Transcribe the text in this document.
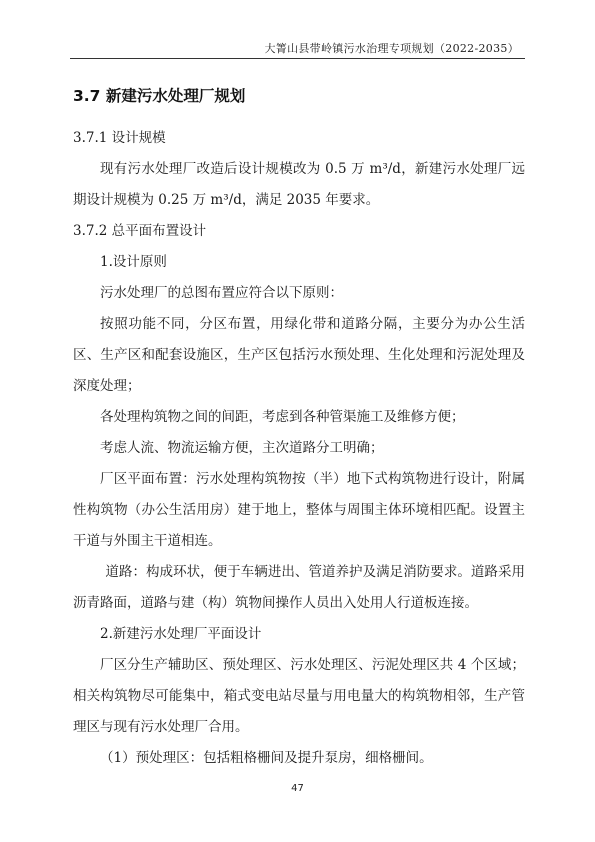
大箐山县带岭镇污水治理专项规划（2022-2035）
3.7 新建污水处理厂规划
3.7.1 设计规模

现有污水处理厂改造后设计规模改为 0.5 万 m³/d，新建污水处理厂远期设计规模为 0.25 万 m³/d，满足 2035 年要求。

3.7.2 总平面布置设计
1.设计原则

污水处理厂的总图布置应符合以下原则：

按照功能不同，分区布置，用绿化带和道路分隔，主要分为办公生活区、生产区和配套设施区，生产区包括污水预处理、生化处理和污泥处理及深度处理；

各处理构筑物之间的间距，考虑到各种管渠施工及维修方便；

考虑人流、物流运输方便，主次道路分工明确；

厂区平面布置：污水处理构筑物按（半）地下式构筑物进行设计，附属性构筑物（办公生活用房）建于地上，整体与周围主体环境相匹配。设置主干道与外围主干道相连。

道路：构成环状，便于车辆进出、管道养护及满足消防要求。道路采用沥青路面，道路与建（构）筑物间操作人员出入处用人行道板连接。

2.新建污水处理厂平面设计

厂区分生产辅助区、预处理区、污水处理区、污泥处理区共 4 个区域；相关构筑物尽可能集中，箱式变电站尽量与用电量大的构筑物相邻，生产管理区与现有污水处理厂合用。

（1）预处理区：包括粗格栅间及提升泵房，细格栅间。

47
